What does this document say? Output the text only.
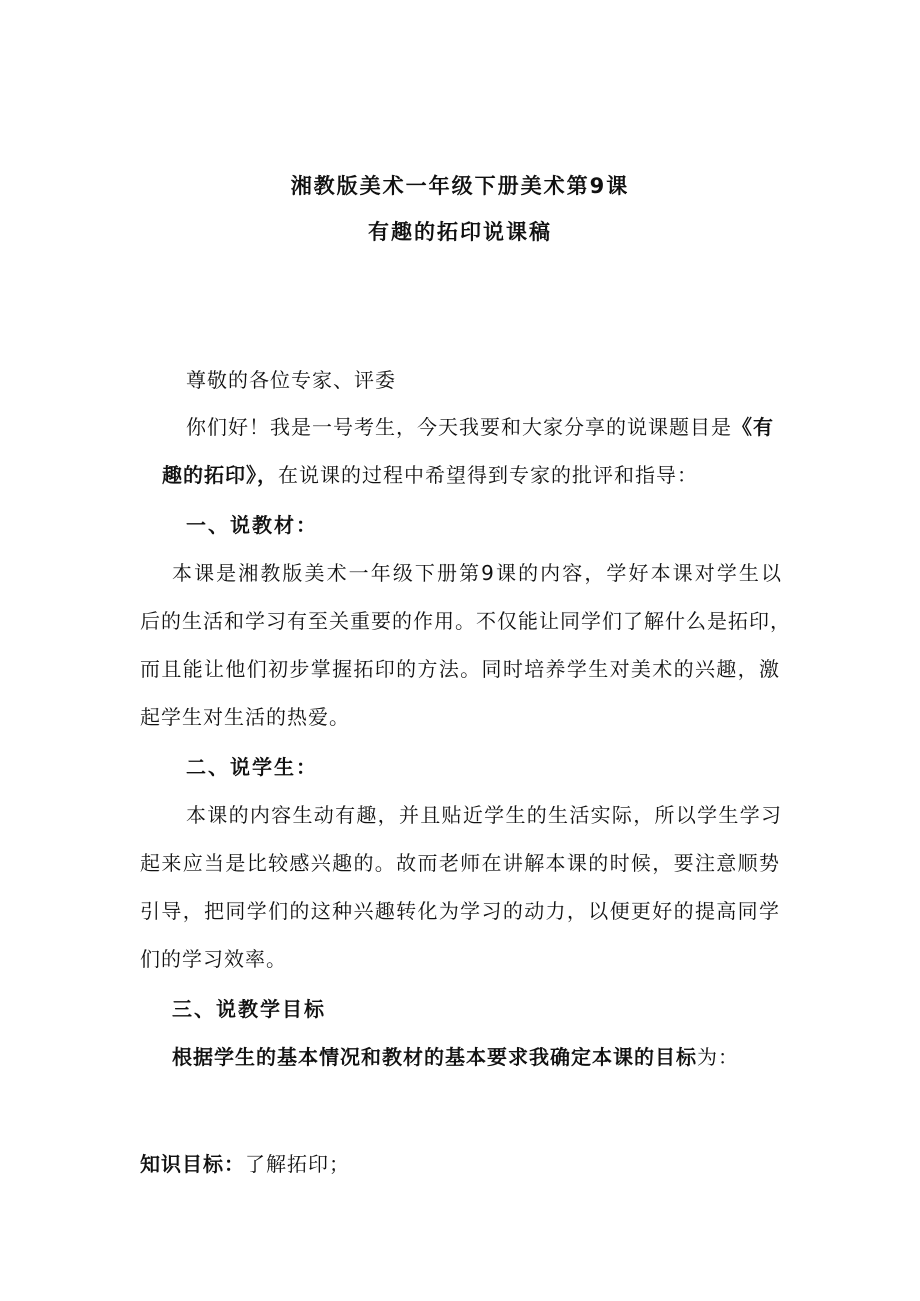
湘教版美术一年级下册美术第9课
有趣的拓印说课稿
尊敬的各位专家、评委
你们好！我是一号考生，今天我要和大家分享的说课题目是《有
趣的拓印》，在说课的过程中希望得到专家的批评和指导：
一、说教材：
本课是湘教版美术一年级下册第9课的内容，学好本课对学生以
后的生活和学习有至关重要的作用。不仅能让同学们了解什么是拓印，
而且能让他们初步掌握拓印的方法。同时培养学生对美术的兴趣，激
起学生对生活的热爱。
二、说学生：
本课的内容生动有趣，并且贴近学生的生活实际，所以学生学习
起来应当是比较感兴趣的。故而老师在讲解本课的时候，要注意顺势
引导，把同学们的这种兴趣转化为学习的动力，以便更好的提高同学
们的学习效率。
三、说教学目标
根据学生的基本情况和教材的基本要求我确定本课的目标为：
知识目标：了解拓印；
